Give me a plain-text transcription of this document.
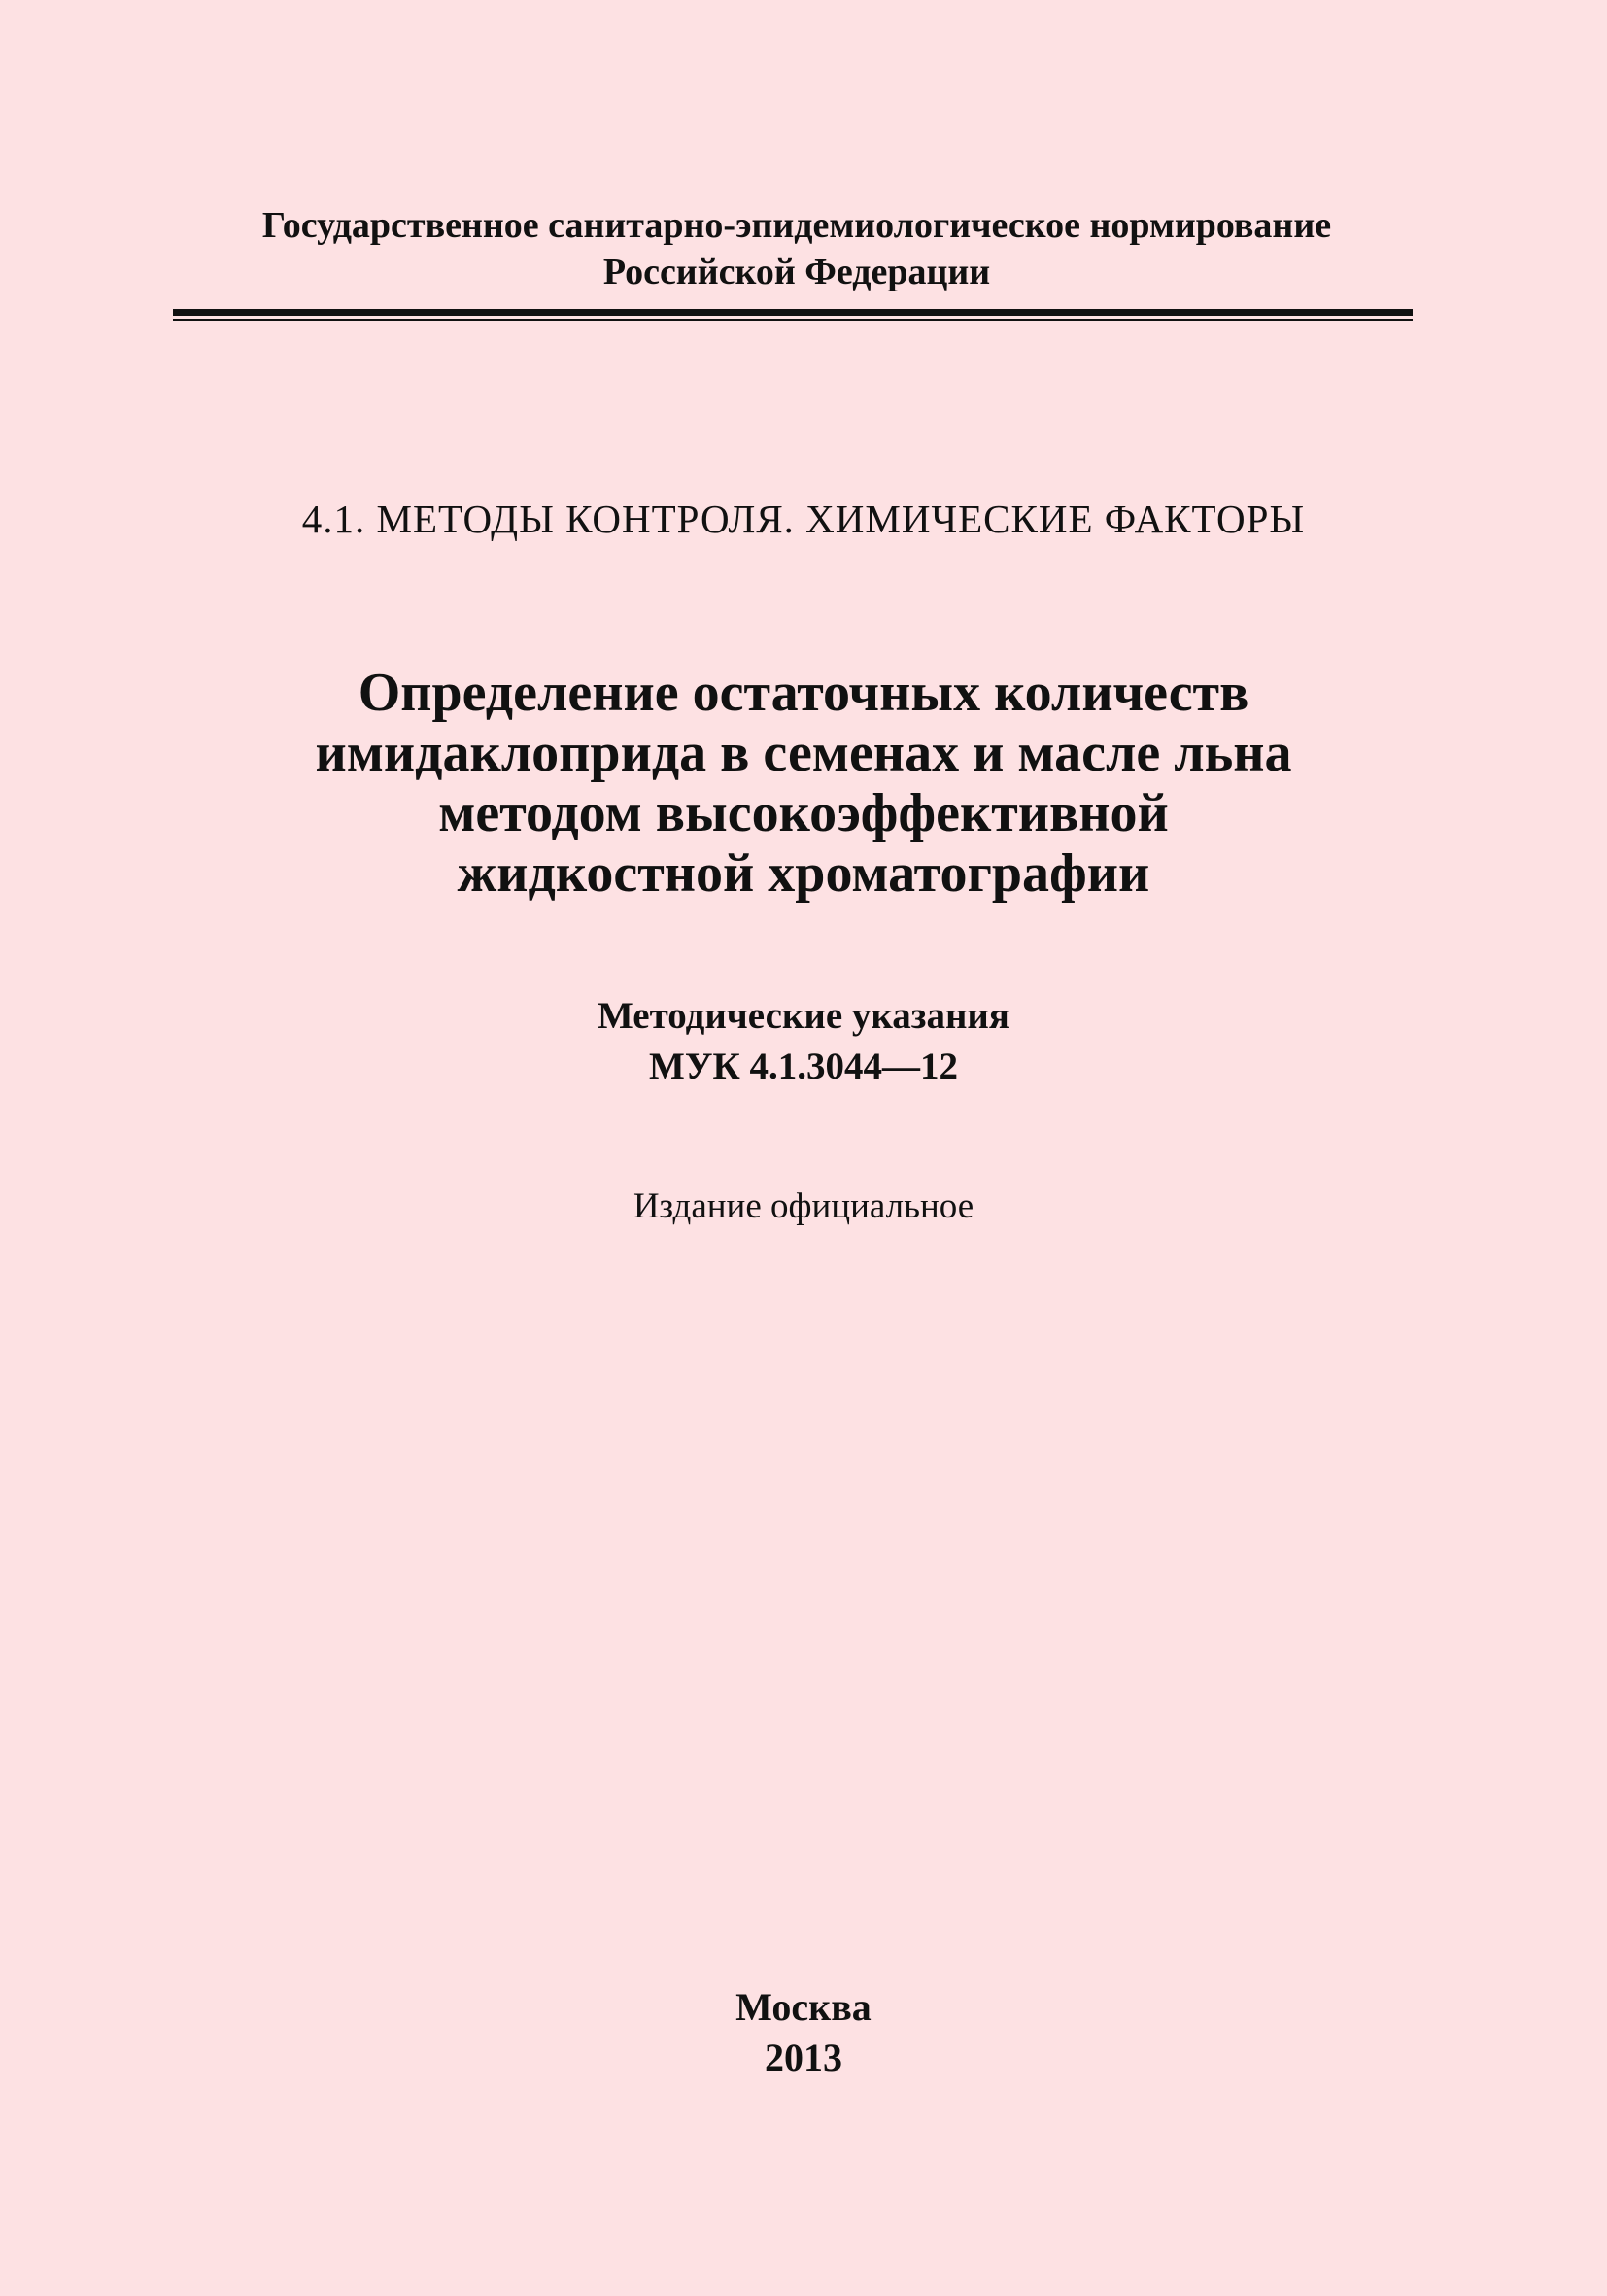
Государственное санитарно-эпидемиологическое нормирование
Российской Федерации
4.1. МЕТОДЫ КОНТРОЛЯ. ХИМИЧЕСКИЕ ФАКТОРЫ
Определение остаточных количеств
имидаклоприда в семенах и масле льна
методом высокоэффективной
жидкостной хроматографии
Методические указания
МУК 4.1.3044—12
Издание официальное
Москва
2013
